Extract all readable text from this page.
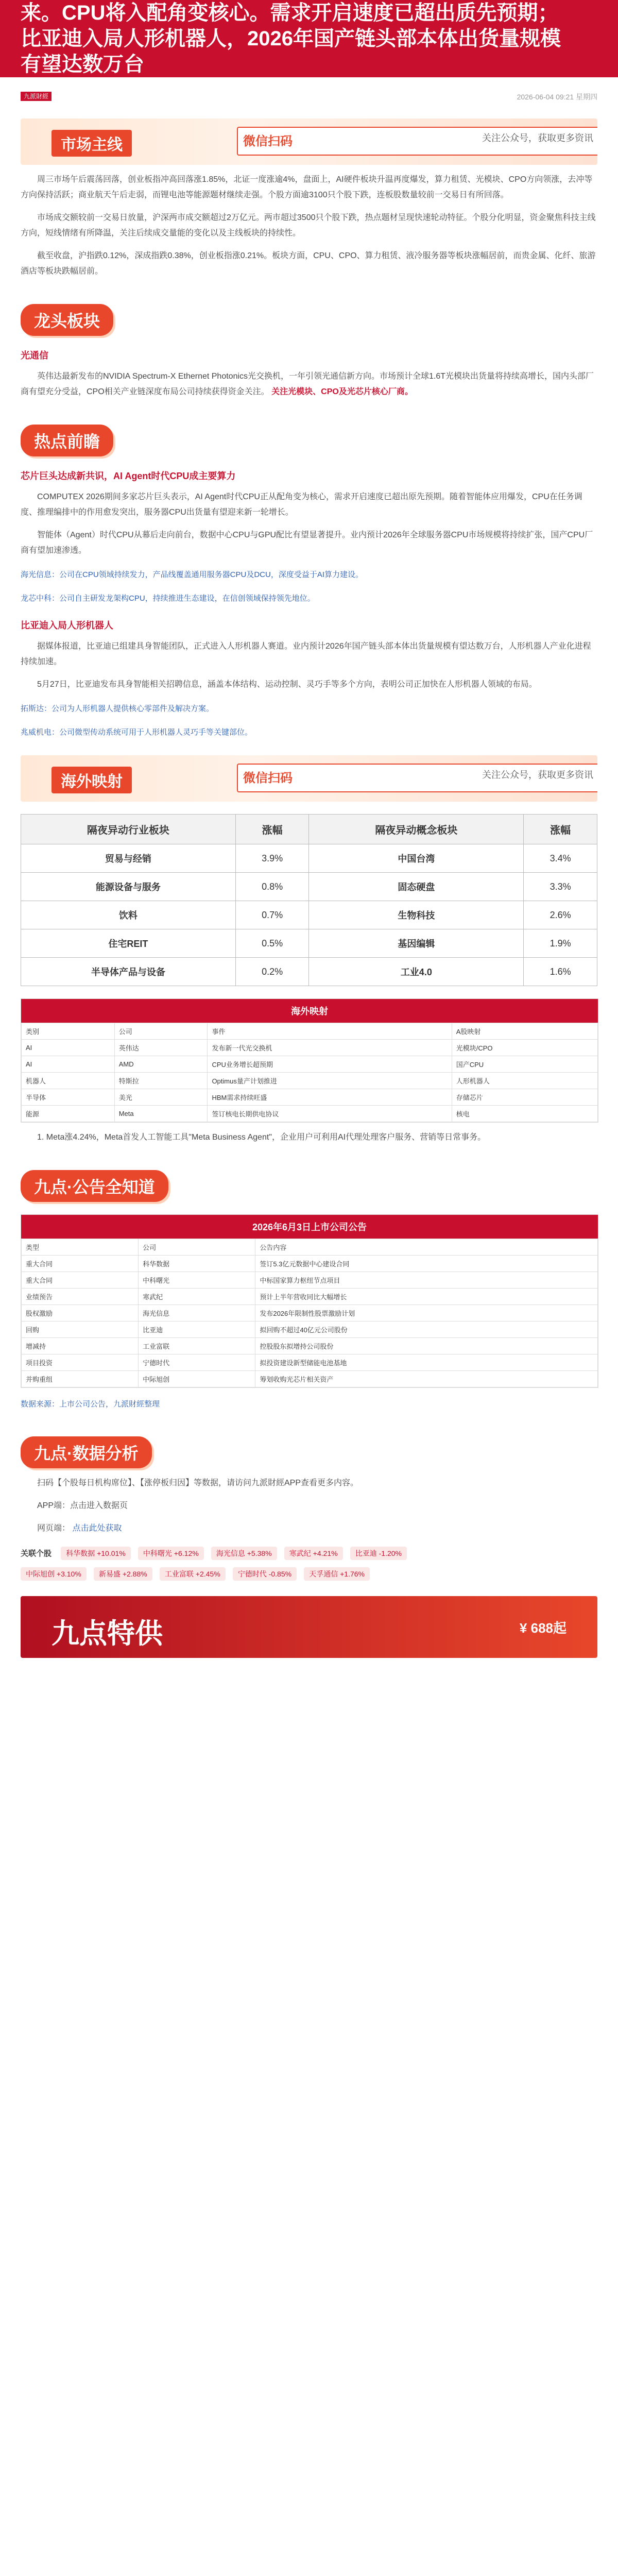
来。CPU将入配角变核心。需求开启速度已超出质先预期；
比亚迪入局人形机器人，2026年国产链头部本体出货量规模
有望达数万台
九派財經	2026-06-04 09:21 星期四
市场主线	微信扫码	关注公众号，获取更多资讯

周三市场午后震荡回落，创业板指冲高回落涨1.85%，北证一度涨逾4%，盘面上，AI硬件板块升温再度爆发，算力租赁、光模块、CPO方向领涨，去冲等方向保持活跃；商业航天午后走弱，而锂电池等能源题材继续走强。个股方面逾3100只个股下跌，连板股数量较前一交易日有所回落。

市场成交额较前一交易日放量，沪深两市成交额超过2万亿元。两市超过3500只个股下跌，热点题材呈现快速轮动特征。个股分化明显，资金聚焦科技主线方向，短线情绪有所降温，关注后续成交量能的变化以及主线板块的持续性。

截至收盘，沪指跌0.12%，深成指跌0.38%，创业板指涨0.21%。板块方面，CPU、CPO、算力租赁、液冷服务器等板块涨幅居前，而贵金属、化纤、旅游酒店等板块跌幅居前。

龙头板块
光通信

英伟达最新发布的NVIDIA Spectrum-X Ethernet Photonics光交换机，一年引领光通信新方向。市场预计全球1.6T光模块出货量将持续高增长，国内头部厂商有望充分受益，CPO相关产业链深度布局公司持续获得资金关注。 关注光模块、CPO及光芯片核心厂商。

热点前瞻
芯片巨头达成新共识，AI Agent时代CPU成主要算力

COMPUTEX 2026期间多家芯片巨头表示，AI Agent时代CPU正从配角变为核心，需求开启速度已超出原先预期。随着智能体应用爆发，CPU在任务调度、推理编排中的作用愈发突出，服务器CPU出货量有望迎来新一轮增长。

智能体（Agent）时代CPU从幕后走向前台，数据中心CPU与GPU配比有望显著提升。业内预计2026年全球服务器CPU市场规模将持续扩张，国产CPU厂商有望加速渗透。

海光信息：公司在CPU领域持续发力，产品线覆盖通用服务器CPU及DCU，深度受益于AI算力建设。

龙芯中科：公司自主研发龙架构CPU，持续推进生态建设，在信创领域保持领先地位。

比亚迪入局人形机器人

据媒体报道，比亚迪已组建具身智能团队，正式进入人形机器人赛道。业内预计2026年国产链头部本体出货量规模有望达数万台，人形机器人产业化进程持续加速。

5月27日，比亚迪发布具身智能相关招聘信息，涵盖本体结构、运动控制、灵巧手等多个方向，表明公司正加快在人形机器人领域的布局。

拓斯达：公司为人形机器人提供核心零部件及解决方案。

兆威机电：公司微型传动系统可用于人形机器人灵巧手等关键部位。

海外映射	微信扫码	关注公众号，获取更多资讯
隔夜异动行业板块	涨幅	隔夜异动概念板块	涨幅
贸易与经销	3.9%	中国台湾	3.4%
能源设备与服务	0.8%	固态硬盘	3.3%
饮料	0.7%	生物科技	2.6%
住宅REIT	0.5%	基因编辑	1.9%
半导体产品与设备	0.2%	工业4.0	1.6%
海外映射
类别	公司	事件	A股映射
AI	英伟达	发布新一代光交换机	光模块/CPO
AI	AMD	CPU业务增长超预期	国产CPU
机器人	特斯拉	Optimus量产计划推进	人形机器人
半导体	美光	HBM需求持续旺盛	存储芯片
能源	Meta	签订核电长期供电协议	核电

1. Meta涨4.24%，Meta首发人工智能工具"Meta Business Agent"，企业用户可利用AI代理处理客户服务、营销等日常事务。

九点·公告全知道
2026年6月3日上市公司公告
类型	公司	公告内容
重大合同	科华数据	签订5.3亿元数据中心建设合同
重大合同	中科曙光	中标国家算力枢纽节点项目
业绩预告	寒武纪	预计上半年营收同比大幅增长
股权激励	海光信息	发布2026年限制性股票激励计划
回购	比亚迪	拟回购不超过40亿元公司股份
增减持	工业富联	控股股东拟增持公司股份
项目投资	宁德时代	拟投资建设新型储能电池基地
并购重组	中际旭创	筹划收购光芯片相关资产

数据来源：上市公司公告，九派財經整理

九点·数据分析

扫码【个股每日机构席位】、【涨停板归因】等数据，请访问九派財經APP查看更多内容。

APP端：点击进入数据页

网页端： 点击此处获取

关联个股 科华数据 +10.01% 中科曙光 +6.12% 海光信息 +5.38% 寒武纪 +4.21% 比亚迪 -1.20%
中际旭创 +3.10% 新易盛 +2.88% 工业富联 +2.45% 宁德时代 -0.85% 天孚通信 +1.76%
九点特供	¥ 688起
